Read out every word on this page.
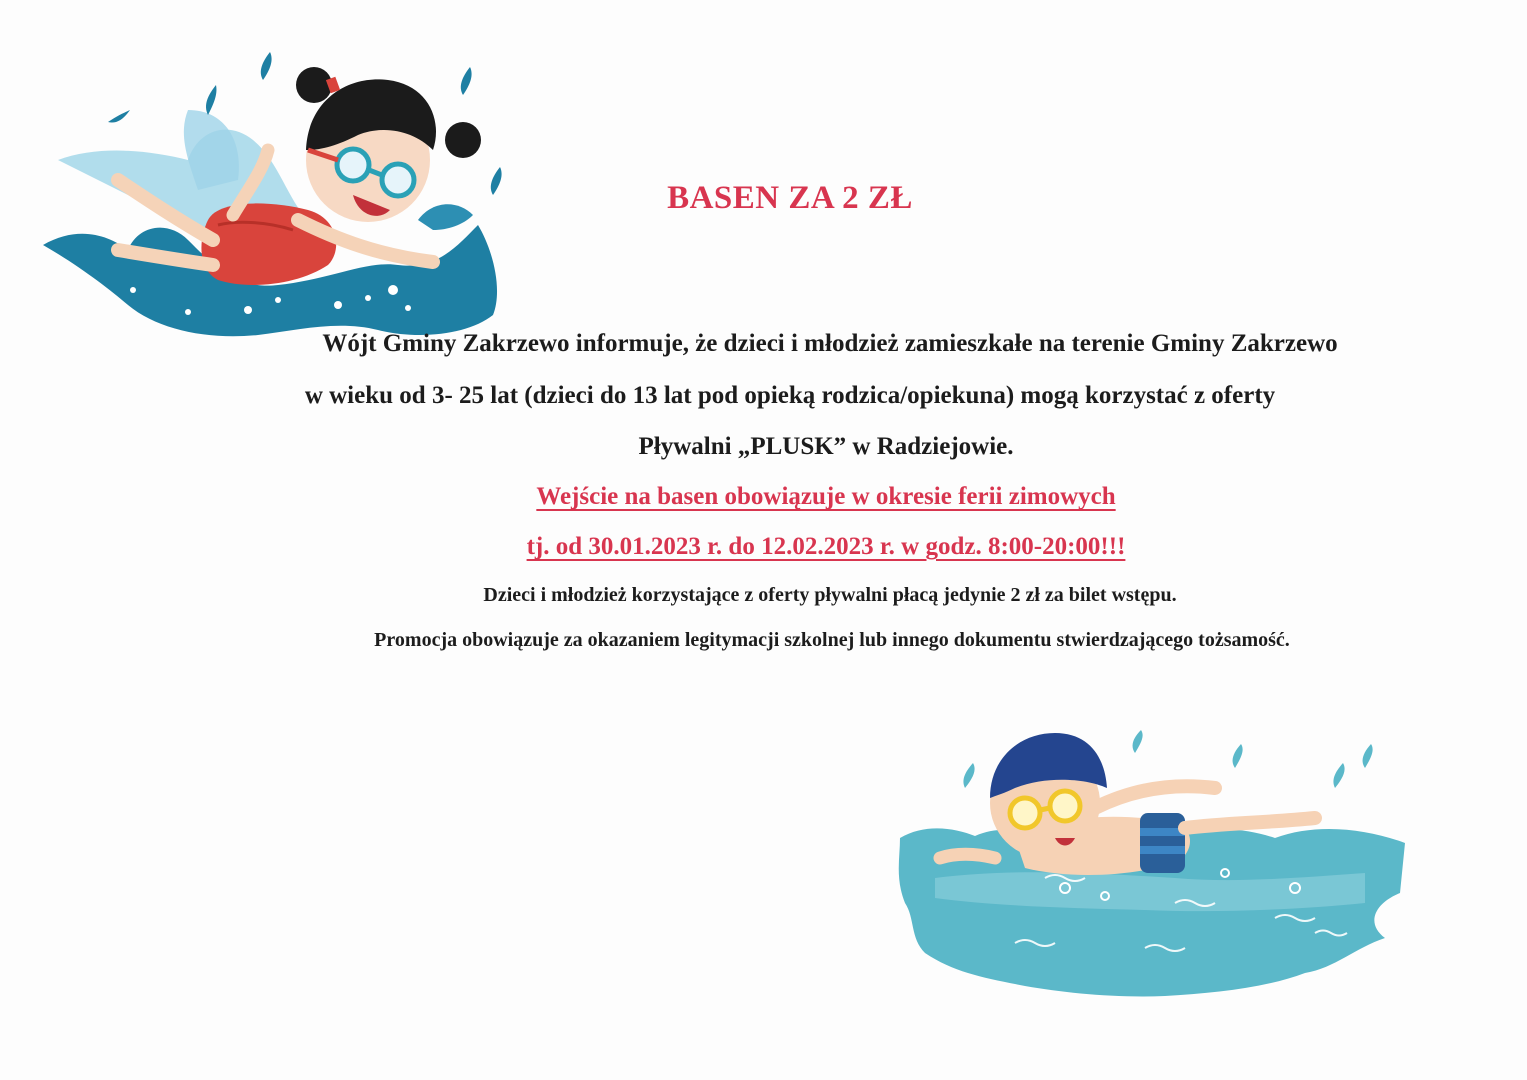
BASEN ZA 2 ZŁ
Wójt Gminy Zakrzewo informuje, że dzieci i młodzież zamieszkałe na terenie Gminy Zakrzewo
w wieku od 3- 25 lat (dzieci do 13 lat pod opieką rodzica/opiekuna) mogą korzystać z oferty
Pływalni „PLUSK” w Radziejowie.
Wejście na basen obowiązuje w okresie ferii zimowych
tj. od 30.01.2023 r. do 12.02.2023 r. w godz. 8:00-20:00!!!
Dzieci i młodzież korzystające z oferty pływalni płacą jedynie 2 zł za bilet wstępu.
Promocja obowiązuje za okazaniem legitymacji szkolnej lub innego dokumentu stwierdzającego tożsamość.
